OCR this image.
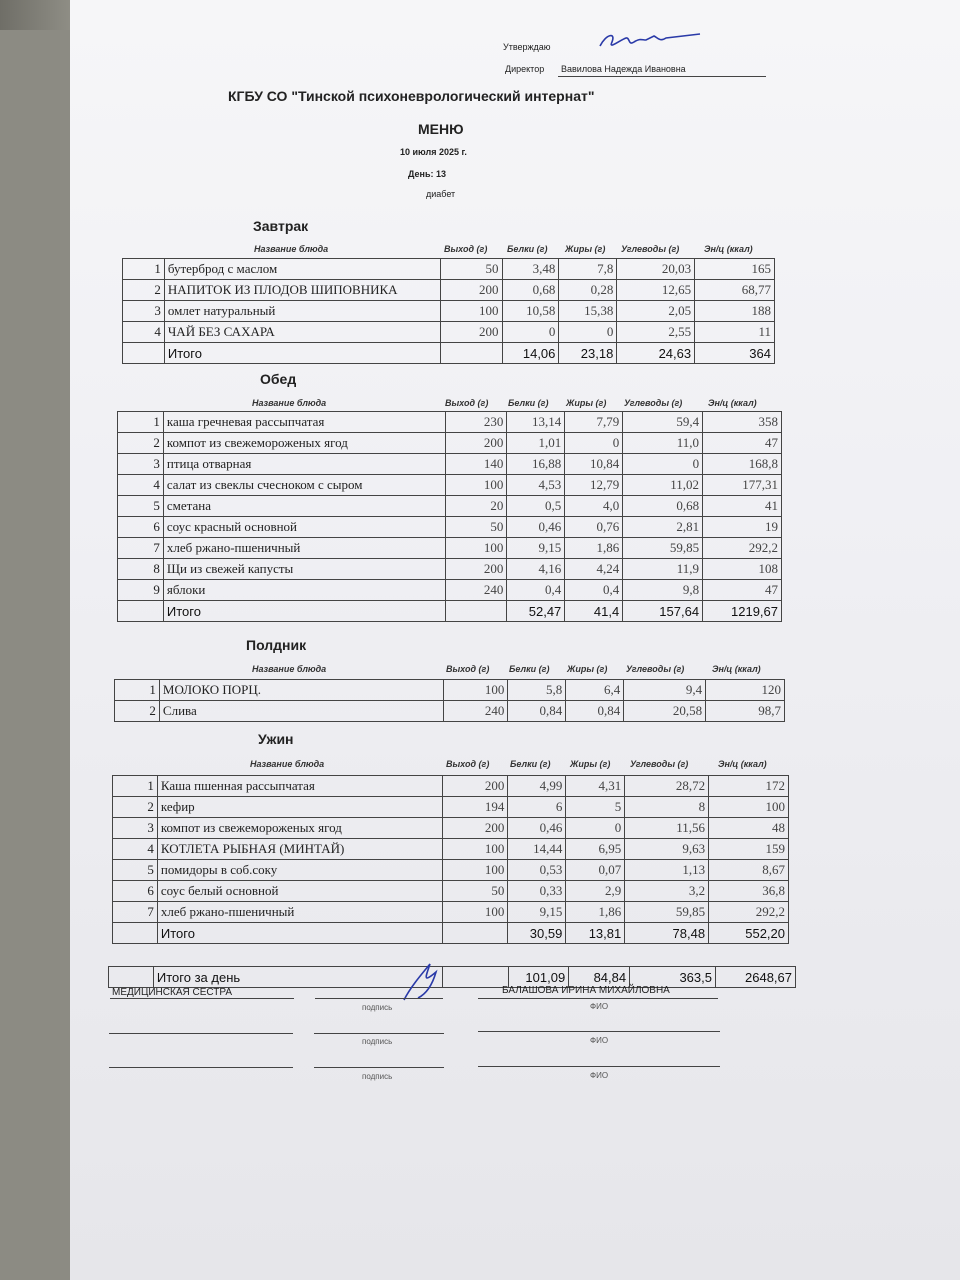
Утверждаю
Директор Вавилова Надежда Ивановна
КГБУ СО "Тинской психоневрологический интернат"
МЕНЮ
10 июля 2025 г.
День: 13
диабет
Завтрак
Название блюда	Выход (г) Белки (г) Жиры (г) Углеводы (г)	Эн/ц (ккал)
1	бутерброд с маслом	50	3,48	7,8	20,03	165
2	НАПИТОК ИЗ ПЛОДОВ ШИПОВНИКА	200	0,68	0,28	12,65	68,77
3	омлет натуральный	100	10,58	15,38	2,05	188
4	ЧАЙ БЕЗ САХАРА	200	0	0	2,55	11
	Итого		14,06	23,18	24,63	364
Обед
Название блюда	Выход (г) Белки (г) Жиры (г) Углеводы (г)	Эн/ц (ккал)
1	каша гречневая рассыпчатая	230	13,14	7,79	59,4	358
2	компот из свежемороженых ягод	200	1,01	0	11,0	47
3	птица отварная	140	16,88	10,84	0	168,8
4	салат из свеклы счесноком с сыром	100	4,53	12,79	11,02	177,31
5	сметана	20	0,5	4,0	0,68	41
6	соус красный основной	50	0,46	0,76	2,81	19
7	хлеб ржано-пшеничный	100	9,15	1,86	59,85	292,2
8	Щи из свежей капусты	200	4,16	4,24	11,9	108
9	яблоки	240	0,4	0,4	9,8	47
	Итого		52,47	41,4	157,64	1219,67
Полдник
Название блюда	Выход (г) Белки (г) Жиры (г) Углеводы (г)	Эн/ц (ккал)
1	МОЛОКО ПОРЦ.	100	5,8	6,4	9,4	120
2	Слива	240	0,84	0,84	20,58	98,7
Ужин
Название блюда	Выход (г) Белки (г) Жиры (г) Углеводы (г)	Эн/ц (ккал)
1	Каша пшенная рассыпчатая	200	4,99	4,31	28,72	172
2	кефир	194	6	5	8	100
3	компот из свежемороженых ягод	200	0,46	0	11,56	48
4	КОТЛЕТА РЫБНАЯ (МИНТАЙ)	100	14,44	6,95	9,63	159
5	помидоры в соб.соку	100	0,53	0,07	1,13	8,67
6	соус белый основной	50	0,33	2,9	3,2	36,8
7	хлеб ржано-пшеничный	100	9,15	1,86	59,85	292,2
	Итого		30,59	13,81	78,48	552,20
	Итого за день		101,09	84,84	363,5	2648,67
МЕДИЦИНСКАЯ СЕСТРА	БАЛАШОВА ИРИНА МИХАЙЛОВНА
подпись	ФИО
подпись	ФИО
подпись	ФИО
